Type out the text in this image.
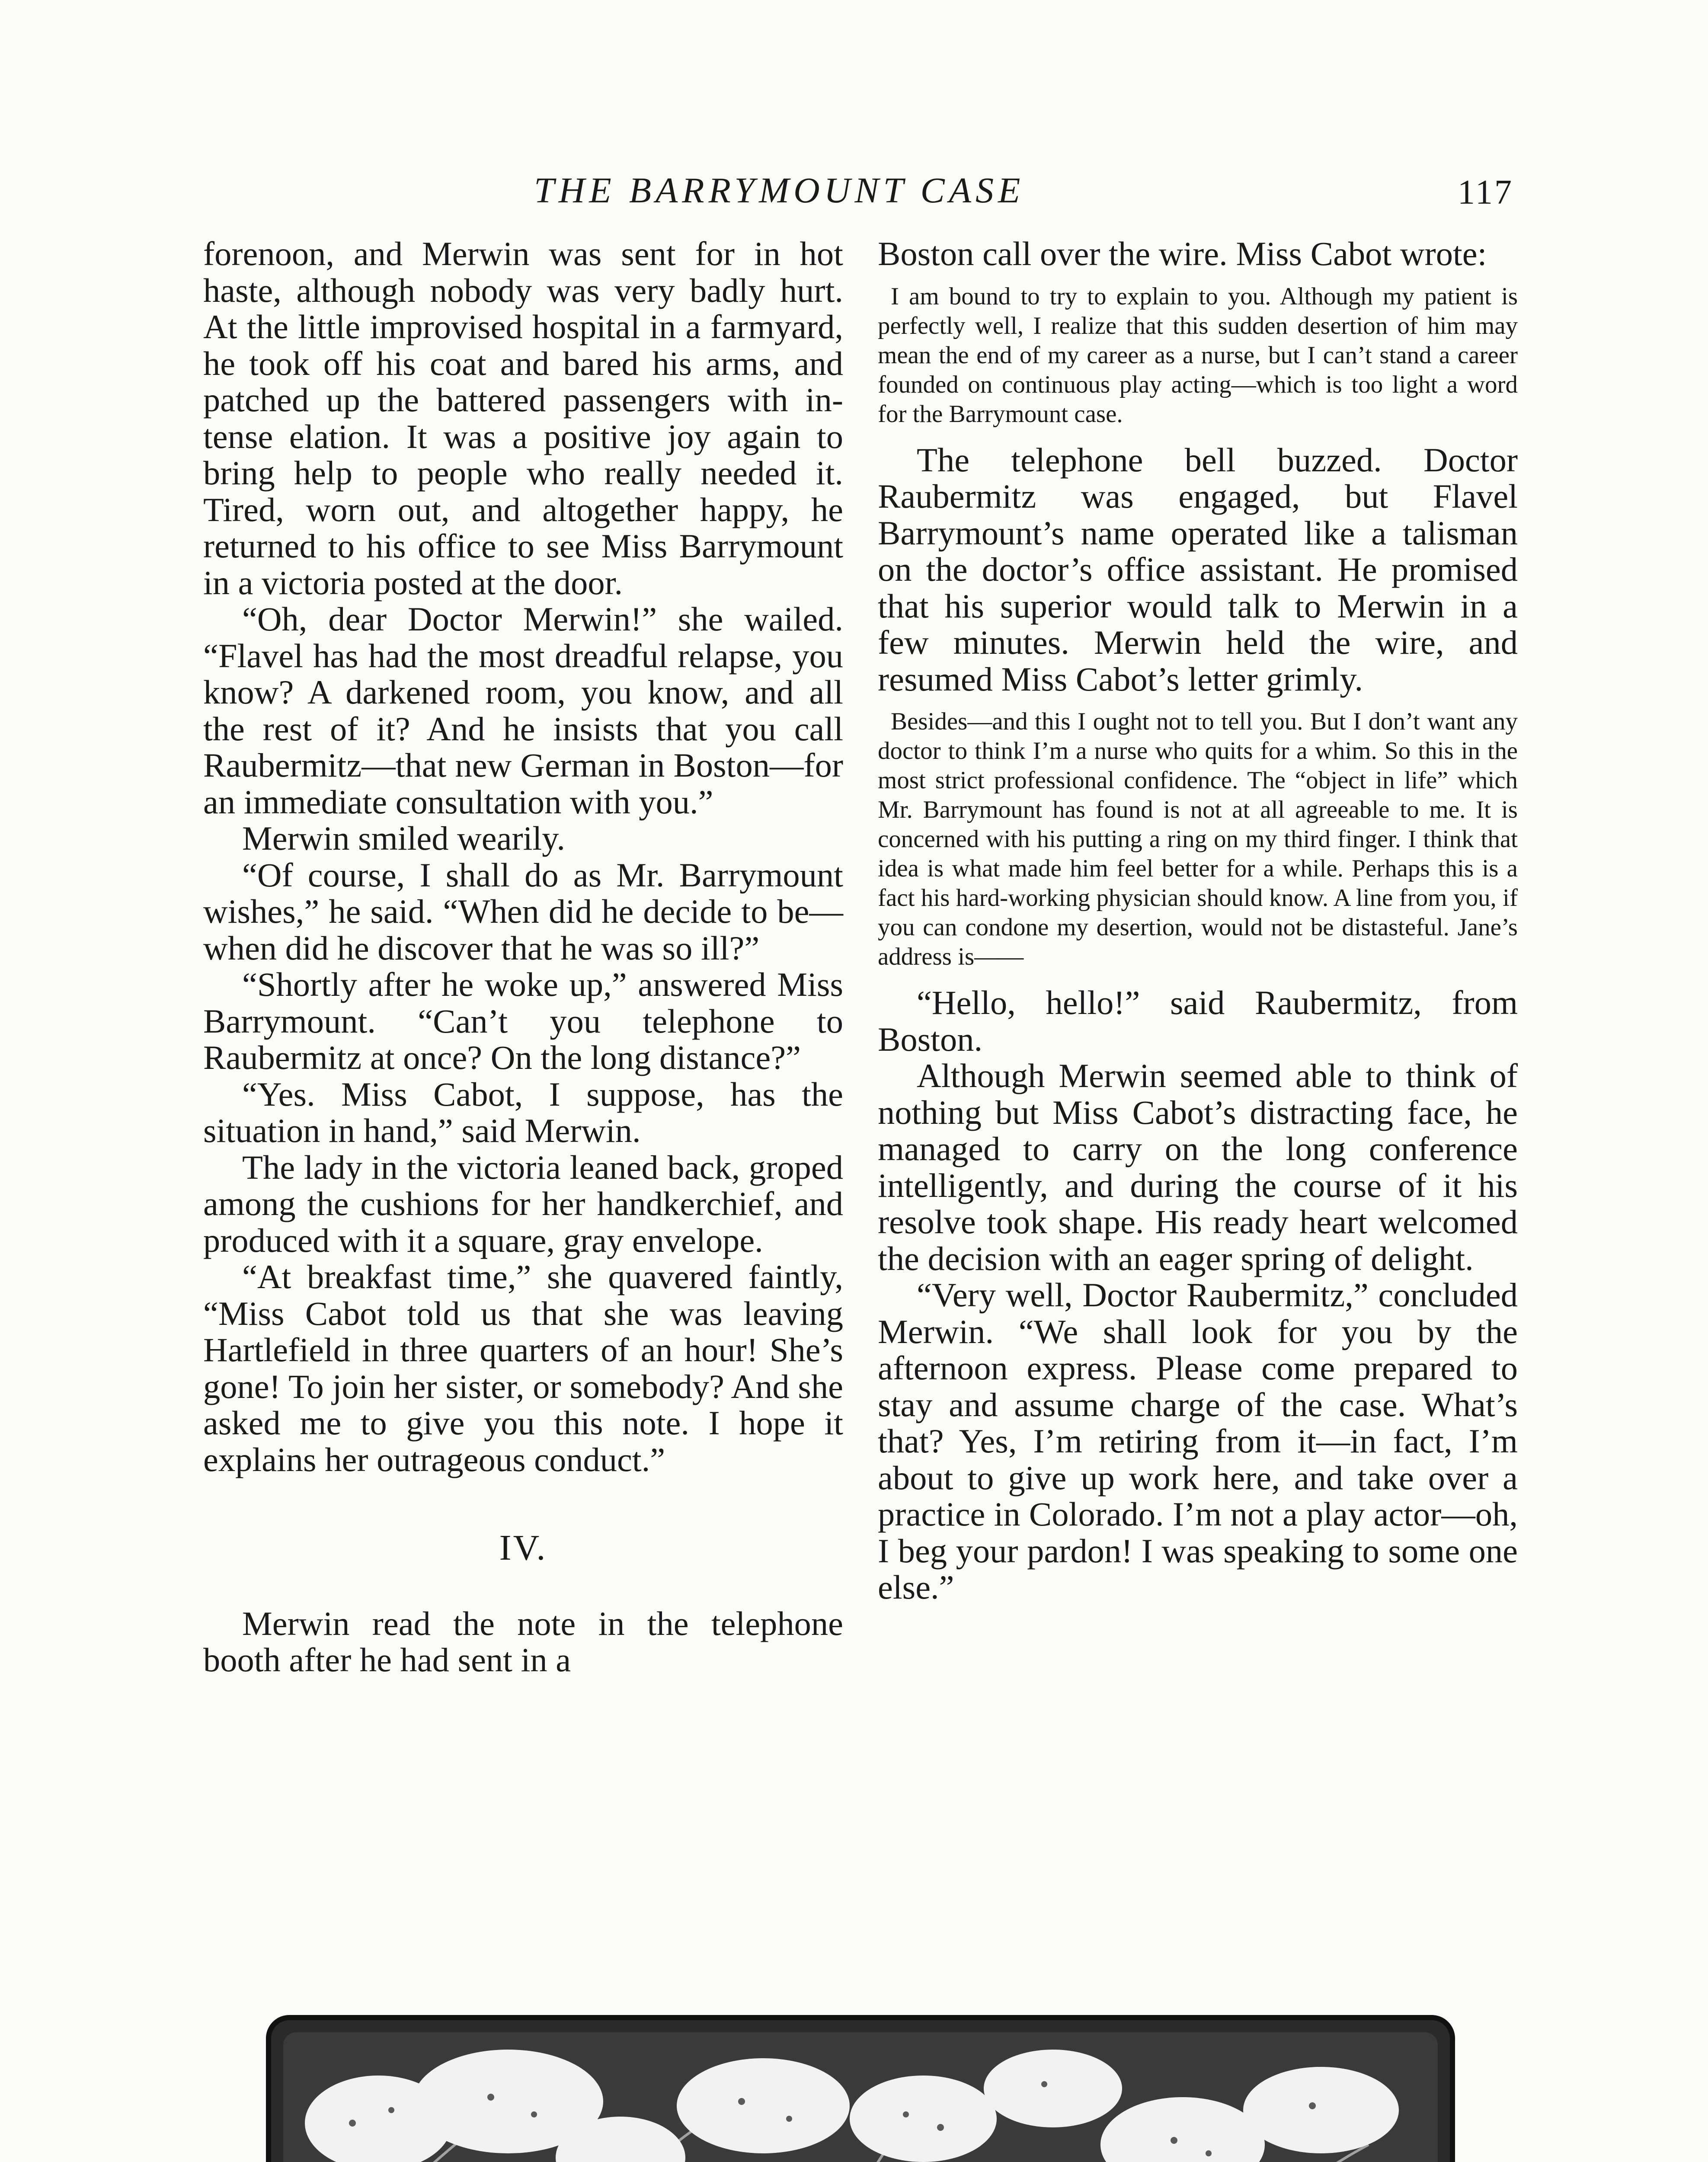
THE BARRYMOUNT CASE	117

forenoon, and Merwin was sent for in hot haste, although nobody was very badly hurt. At the little improvised hospital in a farmyard, he took off his coat and bared his arms, and patched up the battered passengers with intense elation. It was a positive joy again to bring help to people who really needed it. Tired, worn out, and altogether happy, he returned to his office to see Miss Barrymount in a victoria posted at the door.

“Oh, dear Doctor Merwin!” she wailed. “Flavel has had the most dreadful relapse, you know? A darkened room, you know, and all the rest of it? And he insists that you call Raubermitz—that new German in Boston—for an immediate consultation with you.”

Merwin smiled wearily.

“Of course, I shall do as Mr. Barrymount wishes,” he said. “When did he decide to be—when did he discover that he was so ill?”

“Shortly after he woke up,” answered Miss Barrymount. “Can’t you telephone to Raubermitz at once? On the long distance?”

“Yes. Miss Cabot, I suppose, has the situation in hand,” said Merwin.

The lady in the victoria leaned back, groped among the cushions for her handkerchief, and produced with it a square, gray envelope.

“At breakfast time,” she quavered faintly, “Miss Cabot told us that she was leaving Hartlefield in three quarters of an hour! She’s gone! To join her sister, or somebody? And she asked me to give you this note. I hope it explains her outrageous conduct.”

IV.

Merwin read the note in the telephone booth after he had sent in a

Boston call over the wire. Miss Cabot wrote:

I am bound to try to explain to you. Although my patient is perfectly well, I realize that this sudden desertion of him may mean the end of my career as a nurse, but I can’t stand a career founded on continuous play acting—which is too light a word for the Barrymount case.

The telephone bell buzzed. Doctor Raubermitz was engaged, but Flavel Barrymount’s name operated like a talisman on the doctor’s office assistant. He promised that his superior would talk to Merwin in a few minutes. Merwin held the wire, and resumed Miss Cabot’s letter grimly.

Besides—and this I ought not to tell you. But I don’t want any doctor to think I’m a nurse who quits for a whim. So this in the most strict professional confidence. The “object in life” which Mr. Barrymount has found is not at all agreeable to me. It is concerned with his putting a ring on my third finger. I think that idea is what made him feel better for a while. Perhaps this is a fact his hard-working physician should know. A line from you, if you can condone my desertion, would not be distasteful. Jane’s address is——

“Hello, hello!” said Raubermitz, from Boston.

Although Merwin seemed able to think of nothing but Miss Cabot’s distracting face, he managed to carry on the long conference intelligently, and during the course of it his resolve took shape. His ready heart welcomed the decision with an eager spring of delight.

“Very well, Doctor Raubermitz,” concluded Merwin. “We shall look for you by the afternoon express. Please come prepared to stay and assume charge of the case. What’s that? Yes, I’m retiring from it—in fact, I’m about to give up work here, and take over a practice in Colorado. I’m not a play actor—oh, I beg your pardon! I was speaking to some one else.”
